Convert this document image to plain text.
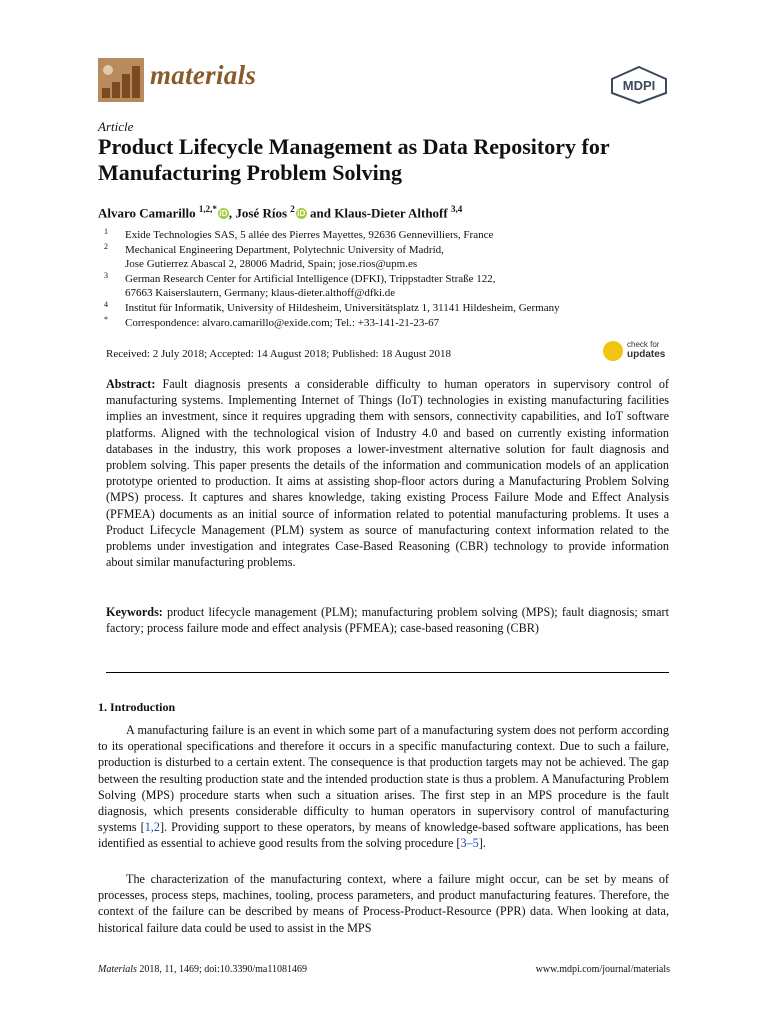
materials	MDPI
Article
Product Lifecycle Management as Data Repository for Manufacturing Problem Solving
Alvaro Camarillo $^{1,2,*}$ iD , José Ríos $^2$ iD and Klaus-Dieter Althoff $^{3,4}$
1 Exide Technologies SAS, 5 allée des Pierres Mayettes, 92636 Gennevilliers, France
2 Mechanical Engineering Department, Polytechnic University of Madrid,
Jose Gutierrez Abascal 2, 28006 Madrid, Spain; jose.rios@upm.es
3 German Research Center for Artificial Intelligence (DFKI), Trippstadter Straße 122,
67663 Kaiserslautern, Germany; klaus-dieter.althoff@dfki.de
4 Institut für Informatik, University of Hildesheim, Universitätsplatz 1, 31141 Hildesheim, Germany
* Correspondence: alvaro.camarillo@exide.com; Tel.: +33-141-21-23-67
Received: 2 July 2018; Accepted: 14 August 2018; Published: 18 August 2018
check for
updates

Abstract: Fault diagnosis presents a considerable difficulty to human operators in supervisory control of manufacturing systems. Implementing Internet of Things (IoT) technologies in existing manufacturing facilities implies an investment, since it requires upgrading them with sensors, connectivity capabilities, and IoT software platforms. Aligned with the technological vision of Industry 4.0 and based on currently existing information databases in the industry, this work proposes a lower-investment alternative solution for fault diagnosis and problem solving. This paper presents the details of the information and communication models of an application prototype oriented to production. It aims at assisting shop-floor actors during a Manufacturing Problem Solving (MPS) process. It captures and shares knowledge, taking existing Process Failure Mode and Effect Analysis (PFMEA) documents as an initial source of information related to potential manufacturing problems. It uses a Product Lifecycle Management (PLM) system as source of manufacturing context information related to the problems under investigation and integrates Case-Based Reasoning (CBR) technology to provide information about similar manufacturing problems.

Keywords: product lifecycle management (PLM); manufacturing problem solving (MPS); fault diagnosis; smart factory; process failure mode and effect analysis (PFMEA); case-based reasoning (CBR)

1. Introduction

A manufacturing failure is an event in which some part of a manufacturing system does not perform according to its operational specifications and therefore it occurs in a specific manufacturing context. Due to such a failure, production is disturbed to a certain extent. The consequence is that production targets may not be achieved. The gap between the resulting production state and the intended production state is thus a problem. A Manufacturing Problem Solving (MPS) procedure starts when such a situation arises. The first step in an MPS procedure is the fault diagnosis, which presents considerable difficulty to human operators in supervisory control of manufacturing systems [1,2]. Providing support to these operators, by means of knowledge-based software applications, has been identified as essential to achieve good results from the solving procedure [3–5].

The characterization of the manufacturing context, where a failure might occur, can be set by means of processes, process steps, machines, tooling, process parameters, and product manufacturing features. Therefore, the context of the failure can be described by means of Process-Product-Resource (PPR) data. When looking at data, historical failure data could be used to assist in the MPS

Materials 2018, 11, 1469; doi:10.3390/ma11081469	www.mdpi.com/journal/materials
